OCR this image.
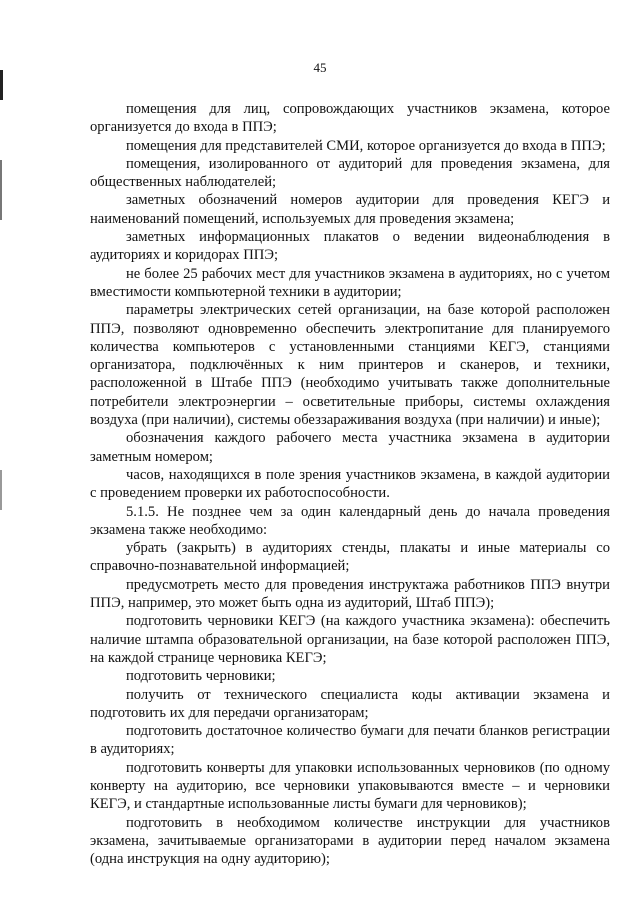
45

помещения для лиц, сопровождающих участников экзамена, которое организуется до входа в ППЭ;

помещения для представителей СМИ, которое организуется до входа в ППЭ;

помещения, изолированного от аудиторий для проведения экзамена, для общественных наблюдателей;

заметных обозначений номеров аудитории для проведения КЕГЭ и наименований помещений, используемых для проведения экзамена;

заметных информационных плакатов о ведении видеонаблюдения в аудиториях и коридорах ППЭ;

не более 25 рабочих мест для участников экзамена в аудиториях, но с учетом вместимости компьютерной техники в аудитории;

параметры электрических сетей организации, на базе которой расположен ППЭ, позволяют одновременно обеспечить электропитание для планируемого количества компьютеров с установленными станциями КЕГЭ, станциями организатора, подключённых к ним принтеров и сканеров, и техники, расположенной в Штабе ППЭ (необходимо учитывать также дополнительные потребители электроэнергии – осветительные приборы, системы охлаждения воздуха (при наличии), системы обеззараживания воздуха (при наличии) и иные);

обозначения каждого рабочего места участника экзамена в аудитории заметным номером;

часов, находящихся в поле зрения участников экзамена, в каждой аудитории с проведением проверки их работоспособности.

5.1.5. Не позднее чем за один календарный день до начала проведения экзамена также необходимо:

убрать (закрыть) в аудиториях стенды, плакаты и иные материалы со справочно-познавательной информацией;

предусмотреть место для проведения инструктажа работников ППЭ внутри ППЭ, например, это может быть одна из аудиторий, Штаб ППЭ);

подготовить черновики КЕГЭ (на каждого участника экзамена): обеспечить наличие штампа образовательной организации, на базе которой расположен ППЭ, на каждой странице черновика КЕГЭ;

подготовить черновики;

получить от технического специалиста коды активации экзамена и подготовить их для передачи организаторам;

подготовить достаточное количество бумаги для печати бланков регистрации в аудиториях;

подготовить конверты для упаковки использованных черновиков (по одному конверту на аудиторию, все черновики упаковываются вместе – и черновики КЕГЭ, и стандартные использованные листы бумаги для черновиков);

подготовить в необходимом количестве инструкции для участников экзамена, зачитываемые организаторами в аудитории перед началом экзамена (одна инструкция на одну аудиторию);
